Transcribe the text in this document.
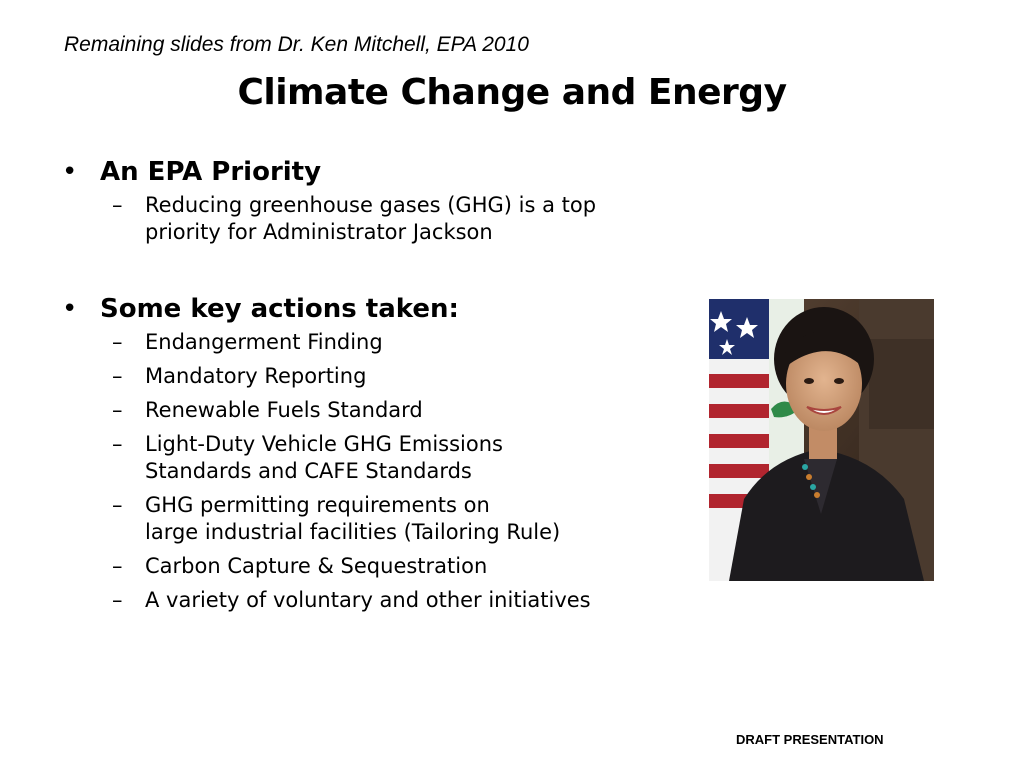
Remaining slides from Dr. Ken Mitchell, EPA 2010
Climate Change and Energy
• An EPA Priority
– Reducing greenhouse gases (GHG) is a top
priority for Administrator Jackson
• Some key actions taken:
– Endangerment Finding
– Mandatory Reporting
– Renewable Fuels Standard
– Light-Duty Vehicle GHG Emissions
Standards and CAFE Standards
– GHG permitting requirements on
large industrial facilities (Tailoring Rule)
– Carbon Capture & Sequestration
– A variety of voluntary and other initiatives
DRAFT PRESENTATION
